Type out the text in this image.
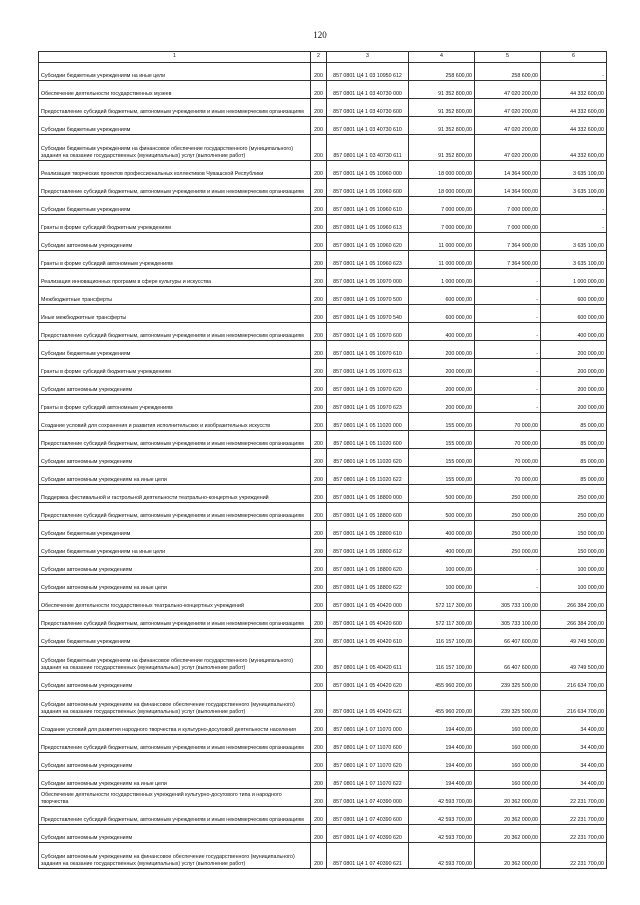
120
1	2	3	4	5	6
Субсидии бюджетным учреждениям на иные цели	200	857 0801 Ц4 1 03 10950 612	258 600,00	258 600,00	-
Обеспечение деятельности государственных музеев	200	857 0801 Ц4 1 03 40730 000	91 352 800,00	47 020 200,00	44 332 600,00
Предоставление субсидий бюджетным, автономным учреждениям и иным некоммерческим организациям	200	857 0801 Ц4 1 03 40730 600	91 352 800,00	47 020 200,00	44 332 600,00
Субсидии бюджетным учреждениям	200	857 0801 Ц4 1 03 40730 610	91 352 800,00	47 020 200,00	44 332 600,00
Субсидии бюджетным учреждениям на финансовое обеспечение государственного (муниципального) задания на оказание государственных (муниципальных) услуг (выполнение работ)	200	857 0801 Ц4 1 03 40730 611	91 352 800,00	47 020 200,00	44 332 600,00
Реализация творческих проектов профессиональных коллективов Чувашской Республики	200	857 0801 Ц4 1 05 10960 000	18 000 000,00	14 364 900,00	3 635 100,00
Предоставление субсидий бюджетным, автономным учреждениям и иным некоммерческим организациям	200	857 0801 Ц4 1 05 10960 600	18 000 000,00	14 364 900,00	3 635 100,00
Субсидии бюджетным учреждениям	200	857 0801 Ц4 1 05 10960 610	7 000 000,00	7 000 000,00	-
Гранты в форме субсидий бюджетным учреждениям	200	857 0801 Ц4 1 05 10960 613	7 000 000,00	7 000 000,00	-
Субсидии автономным учреждениям	200	857 0801 Ц4 1 05 10960 620	11 000 000,00	7 364 900,00	3 635 100,00
Гранты в форме субсидий автономным учреждениям	200	857 0801 Ц4 1 05 10960 623	11 000 000,00	7 364 900,00	3 635 100,00
Реализация инновационных программ в сфере культуры и искусства	200	857 0801 Ц4 1 05 10970 000	1 000 000,00	-	1 000 000,00
Межбюджетные трансферты	200	857 0801 Ц4 1 05 10970 500	600 000,00	-	600 000,00
Иные межбюджетные трансферты	200	857 0801 Ц4 1 05 10970 540	600 000,00	-	600 000,00
Предоставление субсидий бюджетным, автономным учреждениям и иным некоммерческим организациям	200	857 0801 Ц4 1 05 10970 600	400 000,00	-	400 000,00
Субсидии бюджетным учреждениям	200	857 0801 Ц4 1 05 10970 610	200 000,00	-	200 000,00
Гранты в форме субсидий бюджетным учреждениям	200	857 0801 Ц4 1 05 10970 613	200 000,00	-	200 000,00
Субсидии автономным учреждениям	200	857 0801 Ц4 1 05 10970 620	200 000,00	-	200 000,00
Гранты в форме субсидий автономным учреждениям	200	857 0801 Ц4 1 05 10970 623	200 000,00	-	200 000,00
Создание условий для сохранения и развития исполнительских и изобразительных искусств	200	857 0801 Ц4 1 05 11020 000	155 000,00	70 000,00	85 000,00
Предоставление субсидий бюджетным, автономным учреждениям и иным некоммерческим организациям	200	857 0801 Ц4 1 05 11020 600	155 000,00	70 000,00	85 000,00
Субсидии автономным учреждениям	200	857 0801 Ц4 1 05 11020 620	155 000,00	70 000,00	85 000,00
Субсидии автономным учреждениям на иные цели	200	857 0801 Ц4 1 05 11020 622	155 000,00	70 000,00	85 000,00
Поддержка фестивальной и гастрольной деятельности театрально-концертных учреждений	200	857 0801 Ц4 1 05 18800 000	500 000,00	250 000,00	250 000,00
Предоставление субсидий бюджетным, автономным учреждениям и иным некоммерческим организациям	200	857 0801 Ц4 1 05 18800 600	500 000,00	250 000,00	250 000,00
Субсидии бюджетным учреждениям	200	857 0801 Ц4 1 05 18800 610	400 000,00	250 000,00	150 000,00
Субсидии бюджетным учреждениям на иные цели	200	857 0801 Ц4 1 05 18800 612	400 000,00	250 000,00	150 000,00
Субсидии автономным учреждениям	200	857 0801 Ц4 1 05 18800 620	100 000,00	-	100 000,00
Субсидии автономным учреждениям на иные цели	200	857 0801 Ц4 1 05 18800 622	100 000,00	-	100 000,00
Обеспечение деятельности государственных театрально-концертных учреждений	200	857 0801 Ц4 1 05 40420 000	572 117 300,00	305 733 100,00	266 384 200,00
Предоставление субсидий бюджетным, автономным учреждениям и иным некоммерческим организациям	200	857 0801 Ц4 1 05 40420 600	572 117 300,00	305 733 100,00	266 384 200,00
Субсидии бюджетным учреждениям	200	857 0801 Ц4 1 05 40420 610	116 157 100,00	66 407 600,00	49 749 500,00
Субсидии бюджетным учреждениям на финансовое обеспечение государственного (муниципального) задания на оказание государственных (муниципальных) услуг (выполнение работ)	200	857 0801 Ц4 1 05 40420 611	116 157 100,00	66 407 600,00	49 749 500,00
Субсидии автономным учреждениям	200	857 0801 Ц4 1 05 40420 620	455 960 200,00	239 325 500,00	216 634 700,00
Субсидии автономным учреждениям на финансовое обеспечение государственного (муниципального) задания на оказание государственных (муниципальных) услуг (выполнение работ)	200	857 0801 Ц4 1 05 40420 621	455 960 200,00	239 325 500,00	216 634 700,00
Создание условий для развития народного творчества и культурно-досуговой деятельности населения	200	857 0801 Ц4 1 07 11070 000	194 400,00	160 000,00	34 400,00
Предоставление субсидий бюджетным, автономным учреждениям и иным некоммерческим организациям	200	857 0801 Ц4 1 07 11070 600	194 400,00	160 000,00	34 400,00
Субсидии автономным учреждениям	200	857 0801 Ц4 1 07 11070 620	194 400,00	160 000,00	34 400,00
Субсидии автономным учреждениям на иные цели	200	857 0801 Ц4 1 07 11070 622	194 400,00	160 000,00	34 400,00
Обеспечение деятельности государственных учреждений культурно-досугового типа и народного творчества	200	857 0801 Ц4 1 07 40390 000	42 593 700,00	20 362 000,00	22 231 700,00
Предоставление субсидий бюджетным, автономным учреждениям и иным некоммерческим организациям	200	857 0801 Ц4 1 07 40390 600	42 593 700,00	20 362 000,00	22 231 700,00
Субсидии автономным учреждениям	200	857 0801 Ц4 1 07 40390 620	42 593 700,00	20 362 000,00	22 231 700,00
Субсидии автономным учреждениям на финансовое обеспечение государственного (муниципального) задания на оказание государственных (муниципальных) услуг (выполнение работ)	200	857 0801 Ц4 1 07 40390 621	42 593 700,00	20 362 000,00	22 231 700,00
